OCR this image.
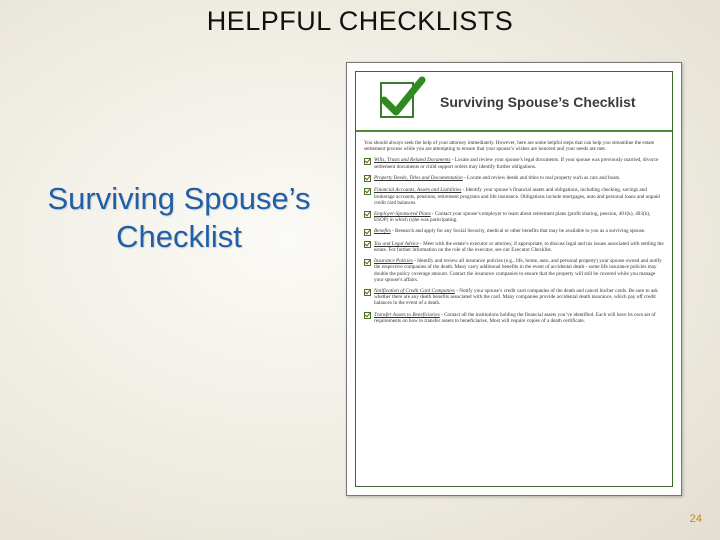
HELPFUL CHECKLISTS
Surviving Spouse’s Checklist
Surviving Spouse’s Checklist

You should always seek the help of your attorney immediately. However, here are some helpful steps that can help you streamline the estate settlement process while you are attempting to ensure that your spouse’s wishes are honored and your needs are met.

Wills, Trusts and Related Documents - Locate and review your spouse’s legal documents. If your spouse was previously married, divorce settlement documents or child support orders may identify further obligations.
Property Deeds, Titles and Documentation - Locate and review deeds and titles to real property such as cars and boats.
Financial Accounts, Assets and Liabilities - Identify your spouse’s financial assets and obligations, including checking, savings and brokerage accounts, pensions, retirement programs and life insurance. Obligations include mortgages, auto and personal loans and unpaid credit card balances.
Employer-Sponsored Plans - Contact your spouse’s employer to learn about retirement plans (profit sharing, pension, 401(k), 403(b), ESOP) in which (s)he was participating.
Benefits - Research and apply for any Social Security, medical or other benefits that may be available to you as a surviving spouse.
Tax and Legal Advice - Meet with the estate’s executor or attorney, if appropriate, to discuss legal and tax issues associated with settling the estate. For further information on the role of the executor, see our Executor Checklist.
Insurance Policies - Identify and review all insurance policies (e.g., life, home, auto, and personal property) your spouse owned and notify the respective companies of the death. Many carry additional benefits in the event of accidental death - some life insurance policies may double the policy coverage amount. Contact the insurance companies to ensure that the property will still be covered while you manage your spouse’s affairs.
Notification of Credit Card Companies - Notify your spouse’s credit card companies of the death and cancel his/her cards. Be sure to ask whether there are any death benefits associated with the card. Many companies provide accidental death insurance, which pay off credit balances in the event of a death.
Transfer Assets to Beneficiaries - Contact all the institutions holding the financial assets you’ve identified. Each will have its own set of requirements on how to transfer assets to beneficiaries. Most will require copies of a death certificate.
24
